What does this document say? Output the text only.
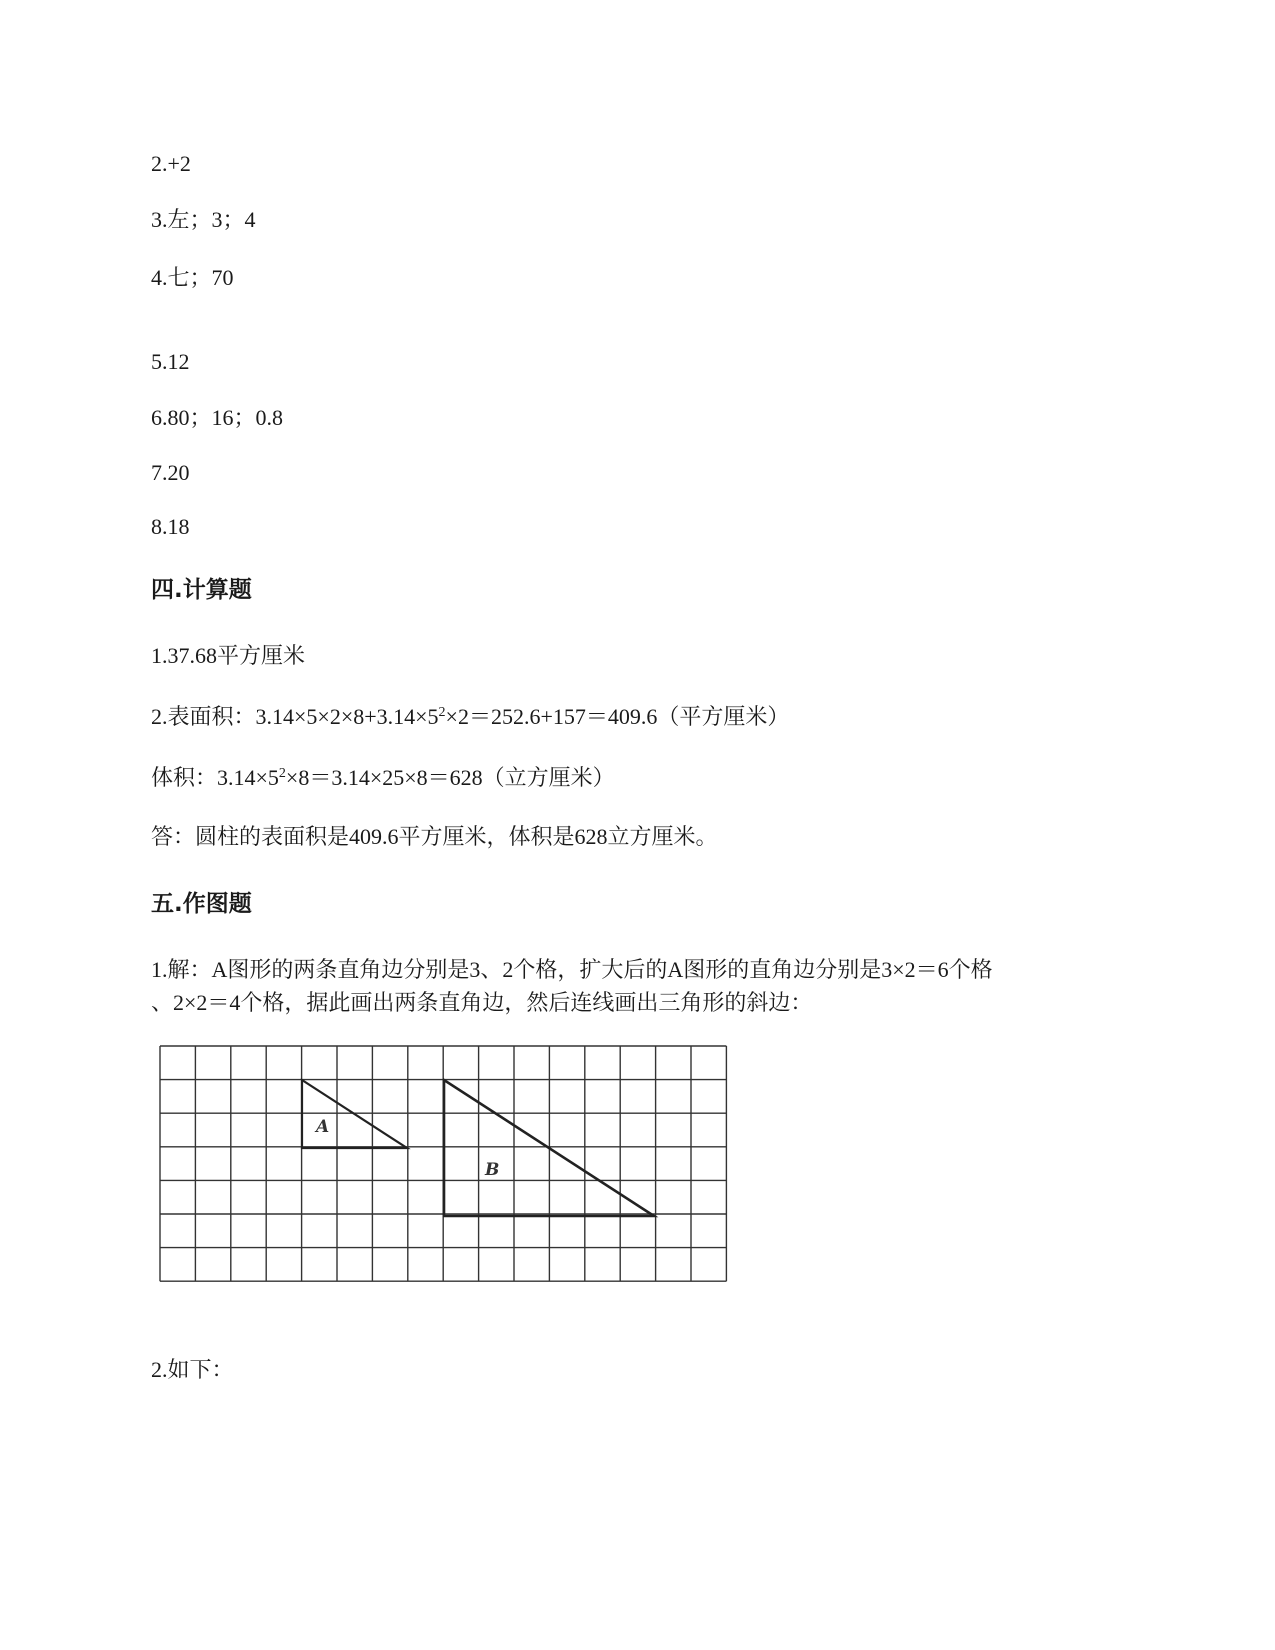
2.+2
3.左；3；4
4.七；70
5.12
6.80；16；0.8
7.20
8.18
四.计算题
1.37.68平方厘米
2.表面积：$3.14\times 5\times 2\times 8+3.14\times 5^2\times 2=252.6+157=409.6$（平方厘米）
体积：$3.14\times 5^2\times 8=3.14\times 25\times 8=628$（立方厘米）
答：圆柱的表面积是409.6平方厘米，体积是628立方厘米。
五.作图题
1.解：A图形的两条直角边分别是3、2个格，扩大后的A图形的直角边分别是3×2＝6个格
、2×2＝4个格，据此画出两条直角边，然后连线画出三角形的斜边：
A
B
2.如下：
